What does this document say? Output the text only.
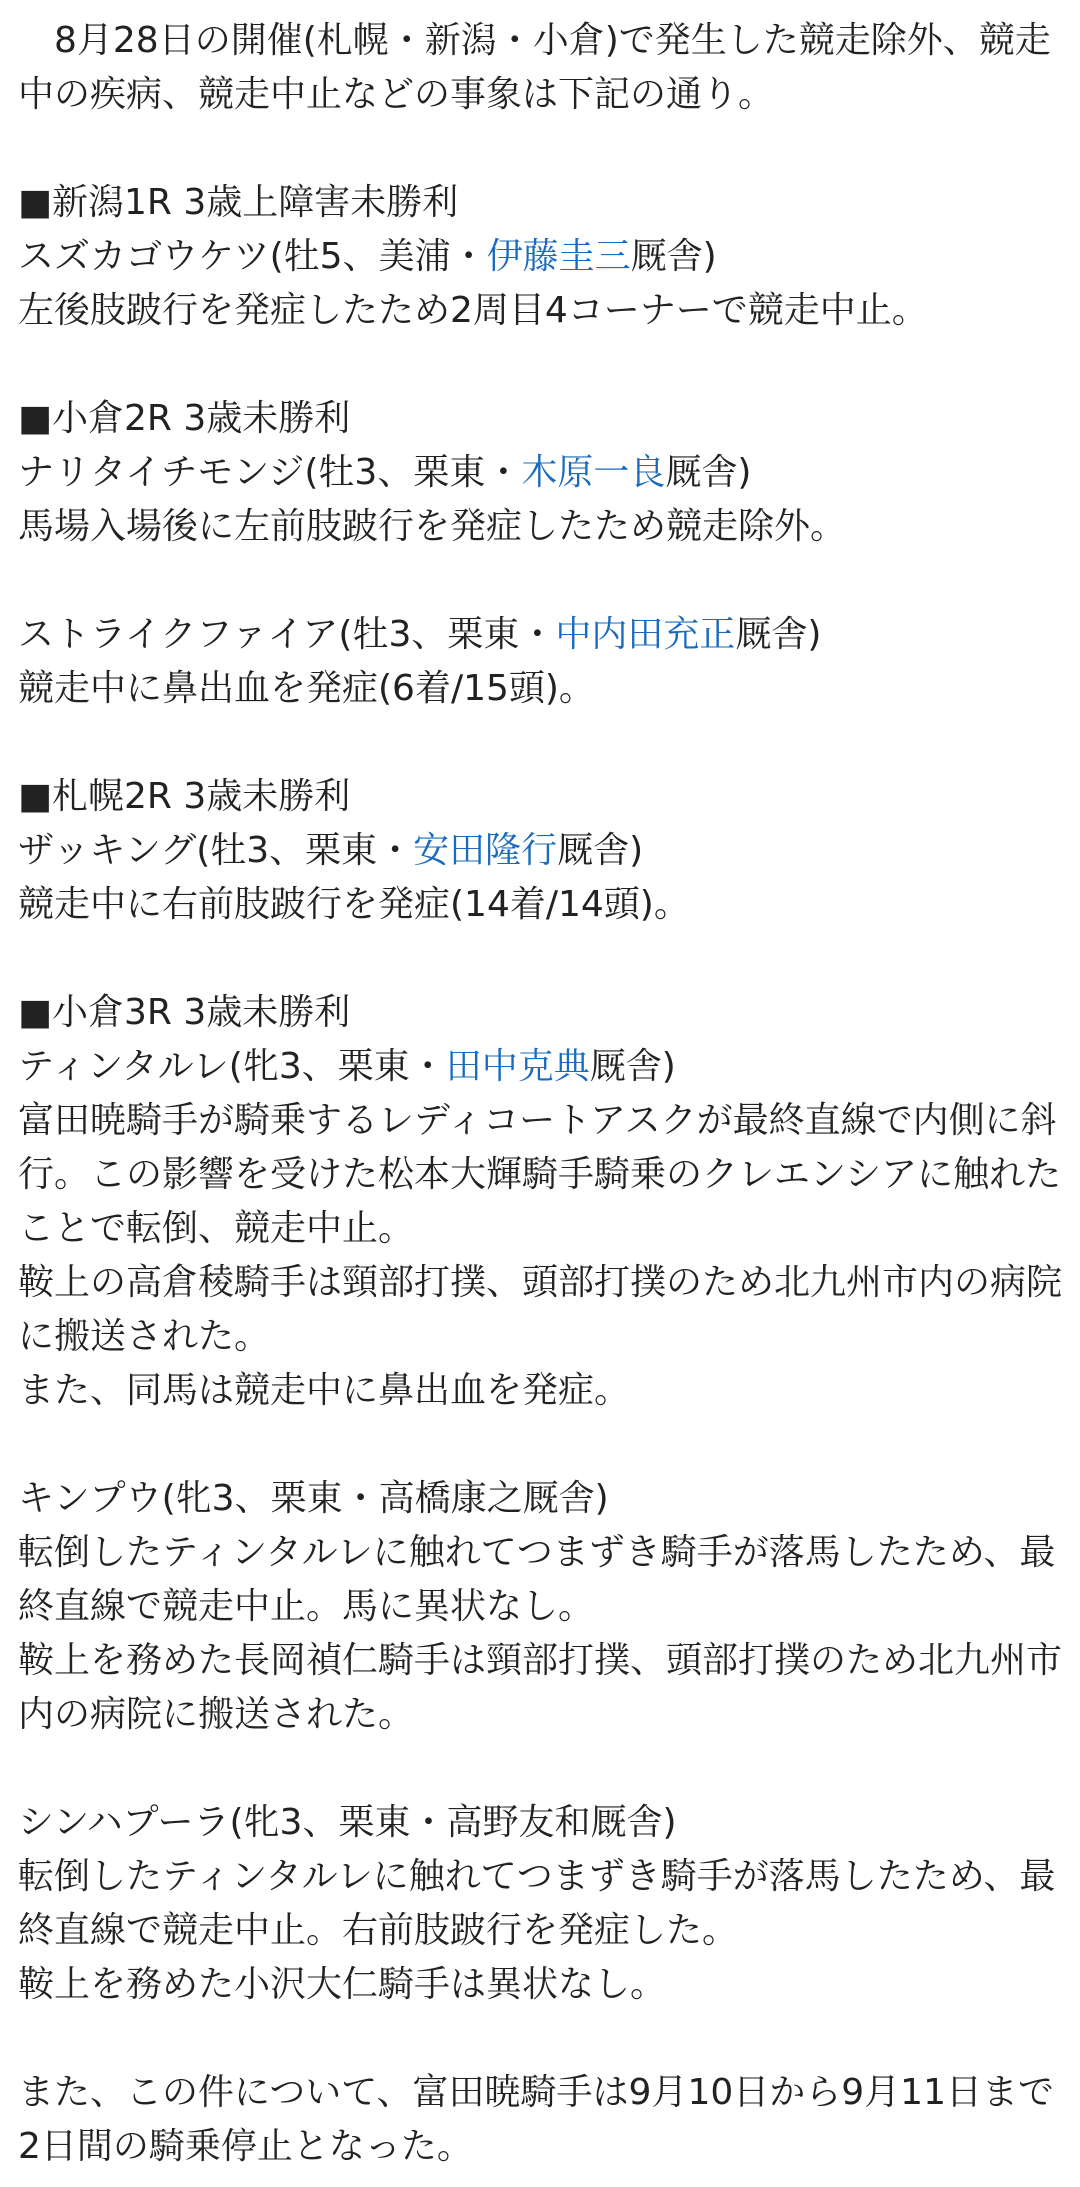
　8月28日の開催(札幌・新潟・小倉)で発生した競走除外、競走中の疾病、競走中止などの事象は下記の通り。

■新潟1R 3歳上障害未勝利

スズカゴウケツ(牡5、美浦・伊藤圭三厩舎)

左後肢跛行を発症したため2周目4コーナーで競走中止。

■小倉2R 3歳未勝利

ナリタイチモンジ(牡3、栗東・木原一良厩舎)

馬場入場後に左前肢跛行を発症したため競走除外。

ストライクファイア(牡3、栗東・中内田充正厩舎)

競走中に鼻出血を発症(6着/15頭)。

■札幌2R 3歳未勝利

ザッキング(牡3、栗東・安田隆行厩舎)

競走中に右前肢跛行を発症(14着/14頭)。

■小倉3R 3歳未勝利

ティンタルレ(牝3、栗東・田中克典厩舎)

富田暁騎手が騎乗するレディコートアスクが最終直線で内側に斜行。この影響を受けた松本大輝騎手騎乗のクレエンシアに触れたことで転倒、競走中止。

鞍上の高倉稜騎手は頸部打撲、頭部打撲のため北九州市内の病院に搬送された。

また、同馬は競走中に鼻出血を発症。

キンプウ(牝3、栗東・高橋康之厩舎)

転倒したティンタルレに触れてつまずき騎手が落馬したため、最終直線で競走中止。馬に異状なし。

鞍上を務めた長岡禎仁騎手は頸部打撲、頭部打撲のため北九州市内の病院に搬送された。

シンハプーラ(牝3、栗東・高野友和厩舎)

転倒したティンタルレに触れてつまずき騎手が落馬したため、最終直線で競走中止。右前肢跛行を発症した。

鞍上を務めた小沢大仁騎手は異状なし。

また、この件について、富田暁騎手は9月10日から9月11日まで2日間の騎乗停止となった。
